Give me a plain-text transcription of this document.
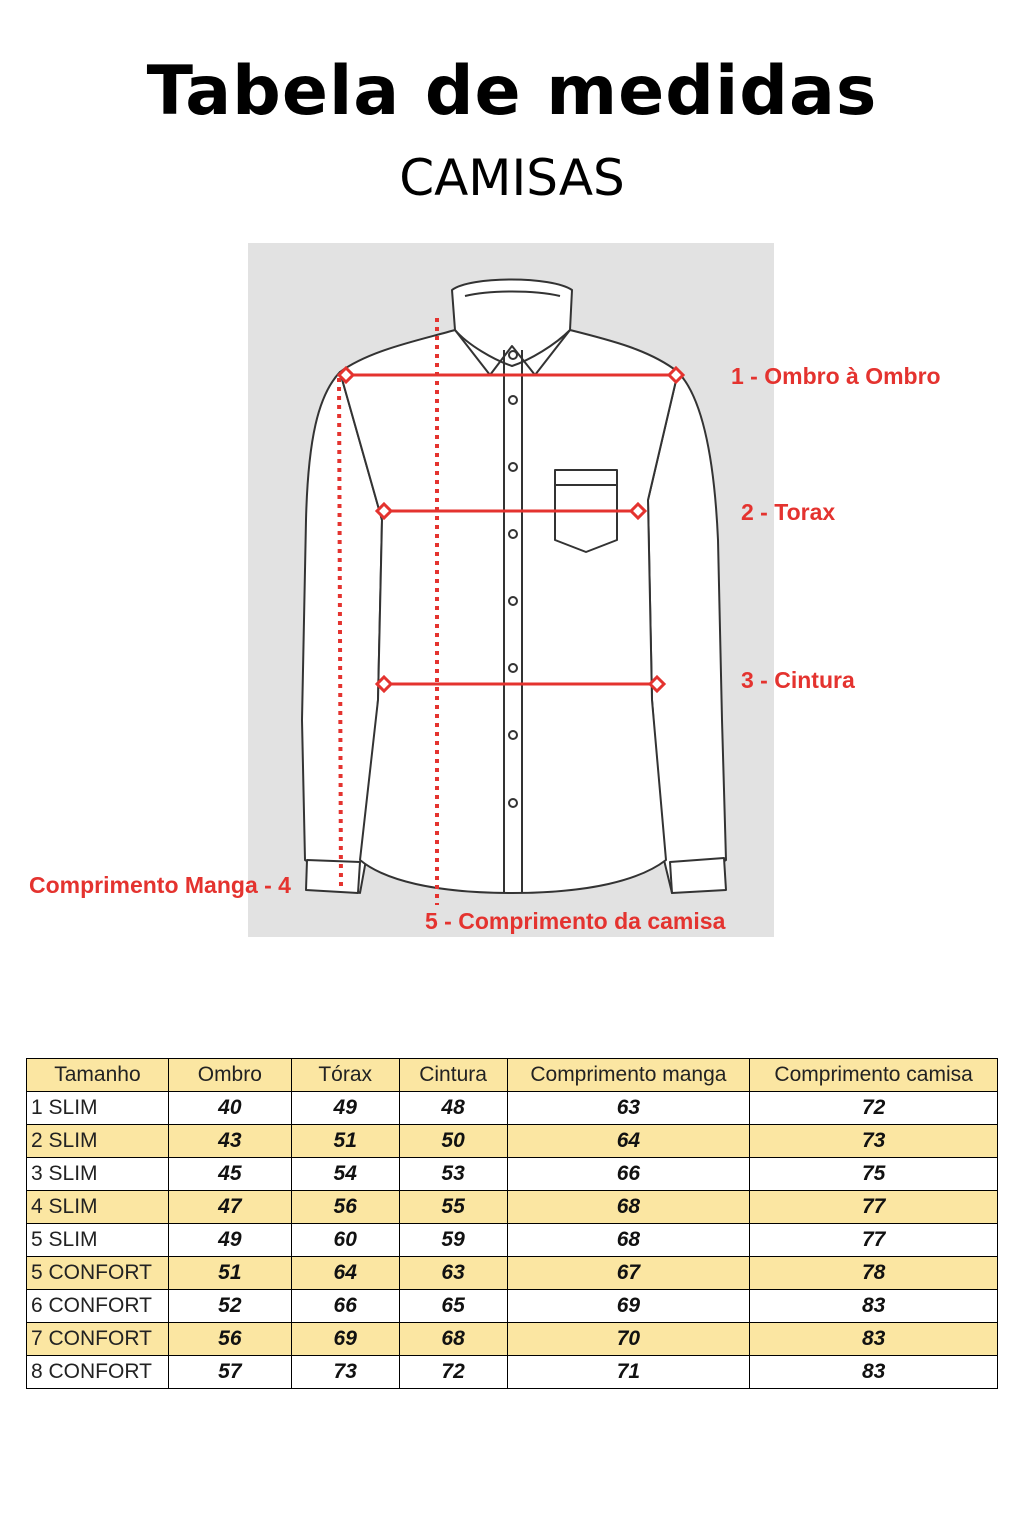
Tabela de medidas
CAMISAS
1 - Ombro à Ombro
2 - Torax
3 - Cintura
Comprimento Manga - 4
5 - Comprimento da camisa
Tamanho	Ombro	Tórax	Cintura	Comprimento manga	Comprimento camisa
1 SLIM	40	49	48	63	72
2 SLIM	43	51	50	64	73
3 SLIM	45	54	53	66	75
4 SLIM	47	56	55	68	77
5 SLIM	49	60	59	68	77
5 CONFORT	51	64	63	67	78
6 CONFORT	52	66	65	69	83
7 CONFORT	56	69	68	70	83
8 CONFORT	57	73	72	71	83
